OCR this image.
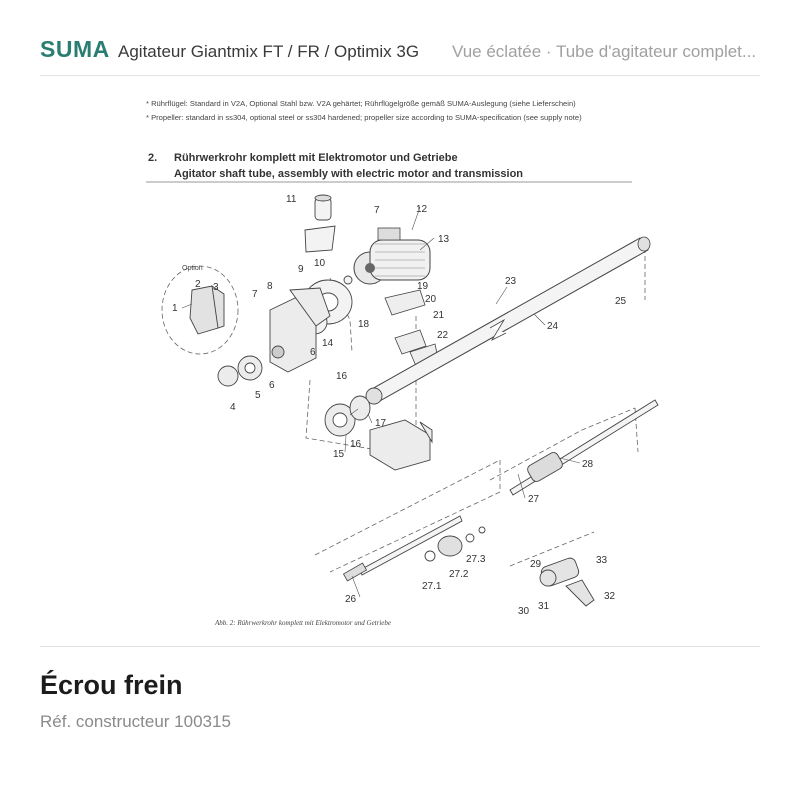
SUMA Agitateur Giantmix FT / FR / Optimix 3G Vue éclatée · Tube d'agitateur complet...
* Rührflügel: Standard in V2A, Optional Stahl bzw. V2A gehärtet; Rührflügelgröße gemäß SUMA-Auslegung (siehe Lieferschein)
* Propeller: standard in ss304, optional steel or ss304 hardened; propeller size according to SUMA-specification (see supply note)
2. Rührwerkrohr komplett mit Elektromotor und Getriebe
Agitator shaft tube, assembly with electric motor and transmission
1
2 3
4
5
6
6
7
7
8
9
10
11
12
13
14
15
16
16
17
18
19
20
21
22
23
24
25
26
27
27.1
27.2
27.3
28
29
30 31
32
33
Option
Abb. 2: Rührwerkrohr komplett mit Elektromotor und Getriebe
Écrou frein
Réf. constructeur 100315
